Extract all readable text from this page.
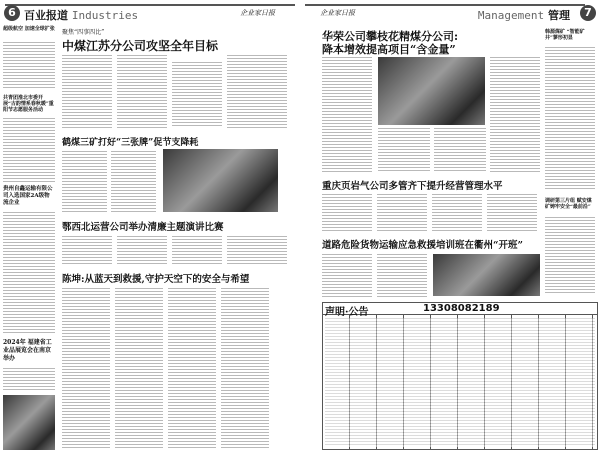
6 百业报道 Industries	企业家日报
超级航空 加速全球扩张
共青团淮北市委开展“古韵情系春秋暖”重阳节志愿服务活动
贵州自鑫运输有限公司入选国家2A级物流企业
2024年 福建省工业品展览会在南京举办
聚焦“四事四比”
中煤江苏分公司攻坚全年目标
鹤煤三矿打好“三张牌”促节支降耗
鄂西北运营公司举办清廉主题演讲比赛
陈坤:从蓝天到救援,守护天空下的安全与希望
企业家日报	Management 管理	7
华荣公司攀枝花精煤分公司:
降本增效提高项目“含金量”
韩源煤矿 “智能矿井”蓼形初显
调研第三片组 赋安煤矿铸牢安全“最前沿”
重庆页岩气公司多管齐下提升经营管理水平
道路危险货物运输应急救援培训班在衢州“开班”
声明·公告	13308082189
